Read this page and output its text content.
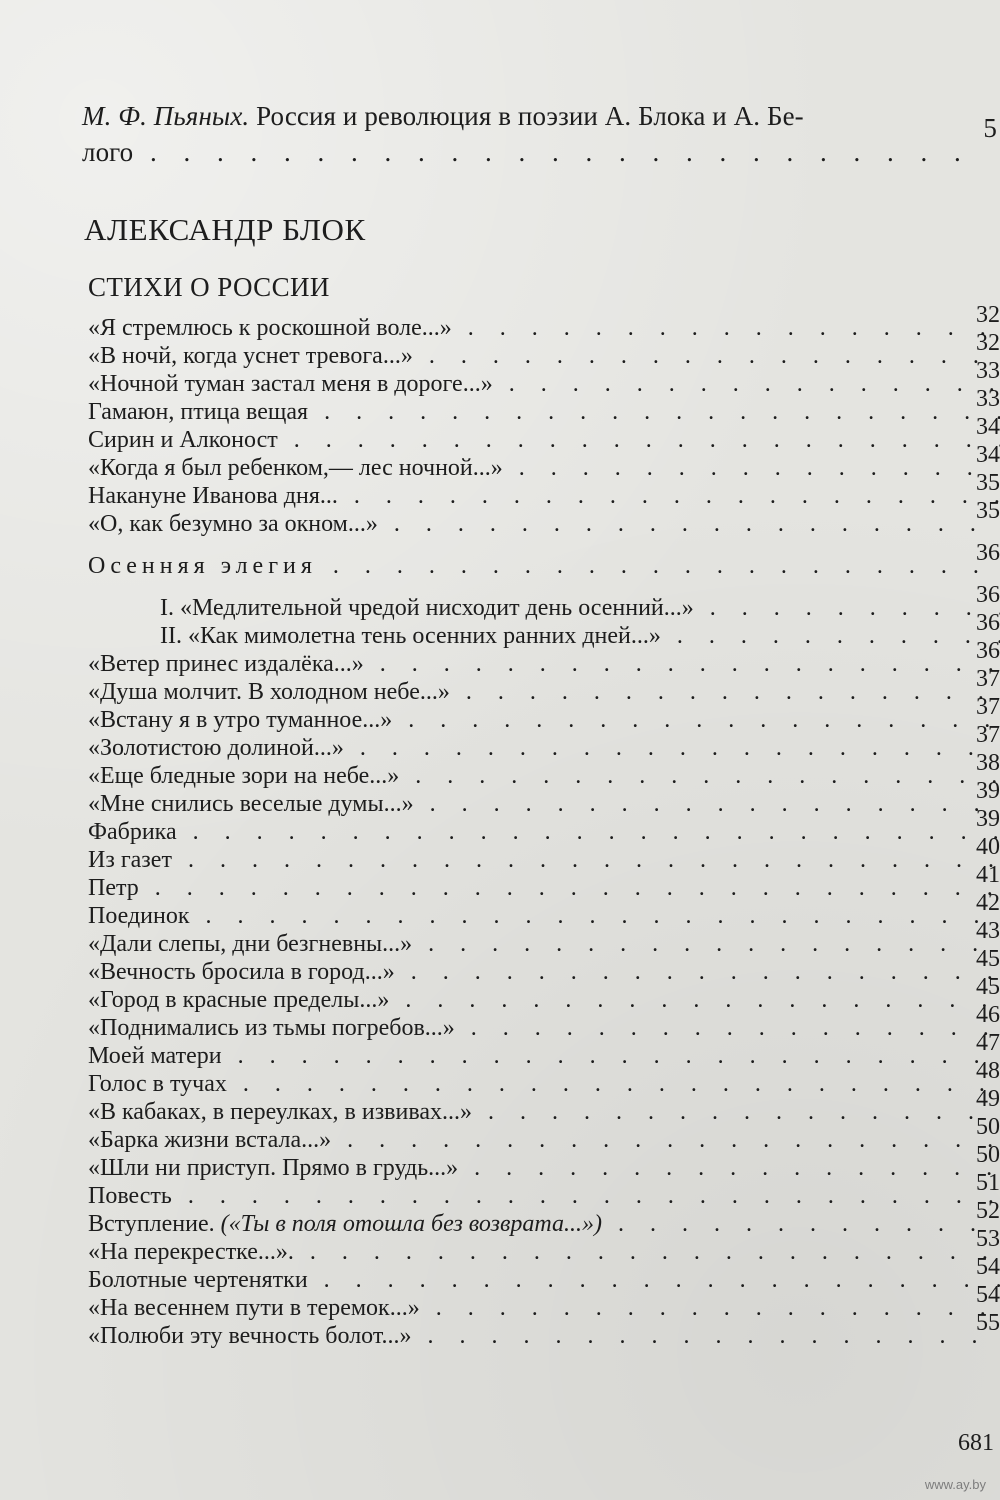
М. Ф. Пьяных. Россия и революция в поэзии А. Блока и А. Бе-
лого . . .
5
АЛЕКСАНДР БЛОК
СТИХИ О РОССИИ
«Я стремлюсь к роскошной воле...» . . .	32
«В ночй, когда уснет тревога...» . . .	32
«Ночной туман застал меня в дороге...» . . .	33
Гамаюн, птица вещая . . .	33
Сирин и Алконост . . .	34
«Когда я был ребенком,— лес ночной...» . . .	34
Накануне Иванова дня... . . .	35
«О, как безумно за окном...» . . .	35
Осенняя элегия . . .	36
I. «Медлительной чредой нисходит день осенний...» . . .	36
II. «Как мимолетна тень осенних ранних дней...» . . .	36
«Ветер принес издалёка...» . . .	36
«Душа молчит. В холодном небе...» . . .	37
«Встану я в утро туманное...» . . .	37
«Золотистою долиной...» . . .	37
«Еще бледные зори на небе...» . . .	38
«Мне снились веселые думы...» . . .	39
Фабрика . . .	39
Из газет . . .	40
Петр . . .	41
Поединок . . .	42
«Дали слепы, дни безгневны...» . . .	43
«Вечность бросила в город...» . . .	45
«Город в красные пределы...» . . .	45
«Поднимались из тьмы погребов...» . . .	46
Моей матери . . .	47
Голос в тучах . . .	48
«В кабаках, в переулках, в извивах...» . . .	49
«Барка жизни встала...» . . .	50
«Шли ни приступ. Прямо в грудь...» . . .	50
Повесть . . .	51
Вступление. («Ты в поля отошла без возврата...») . . .	52
«На перекрестке...». . . .	53
Болотные чертенятки . . .	54
«На весеннем пути в теремок...» . . .	54
«Полюби эту вечность болот...» . . .	55
681
www.ay.by
